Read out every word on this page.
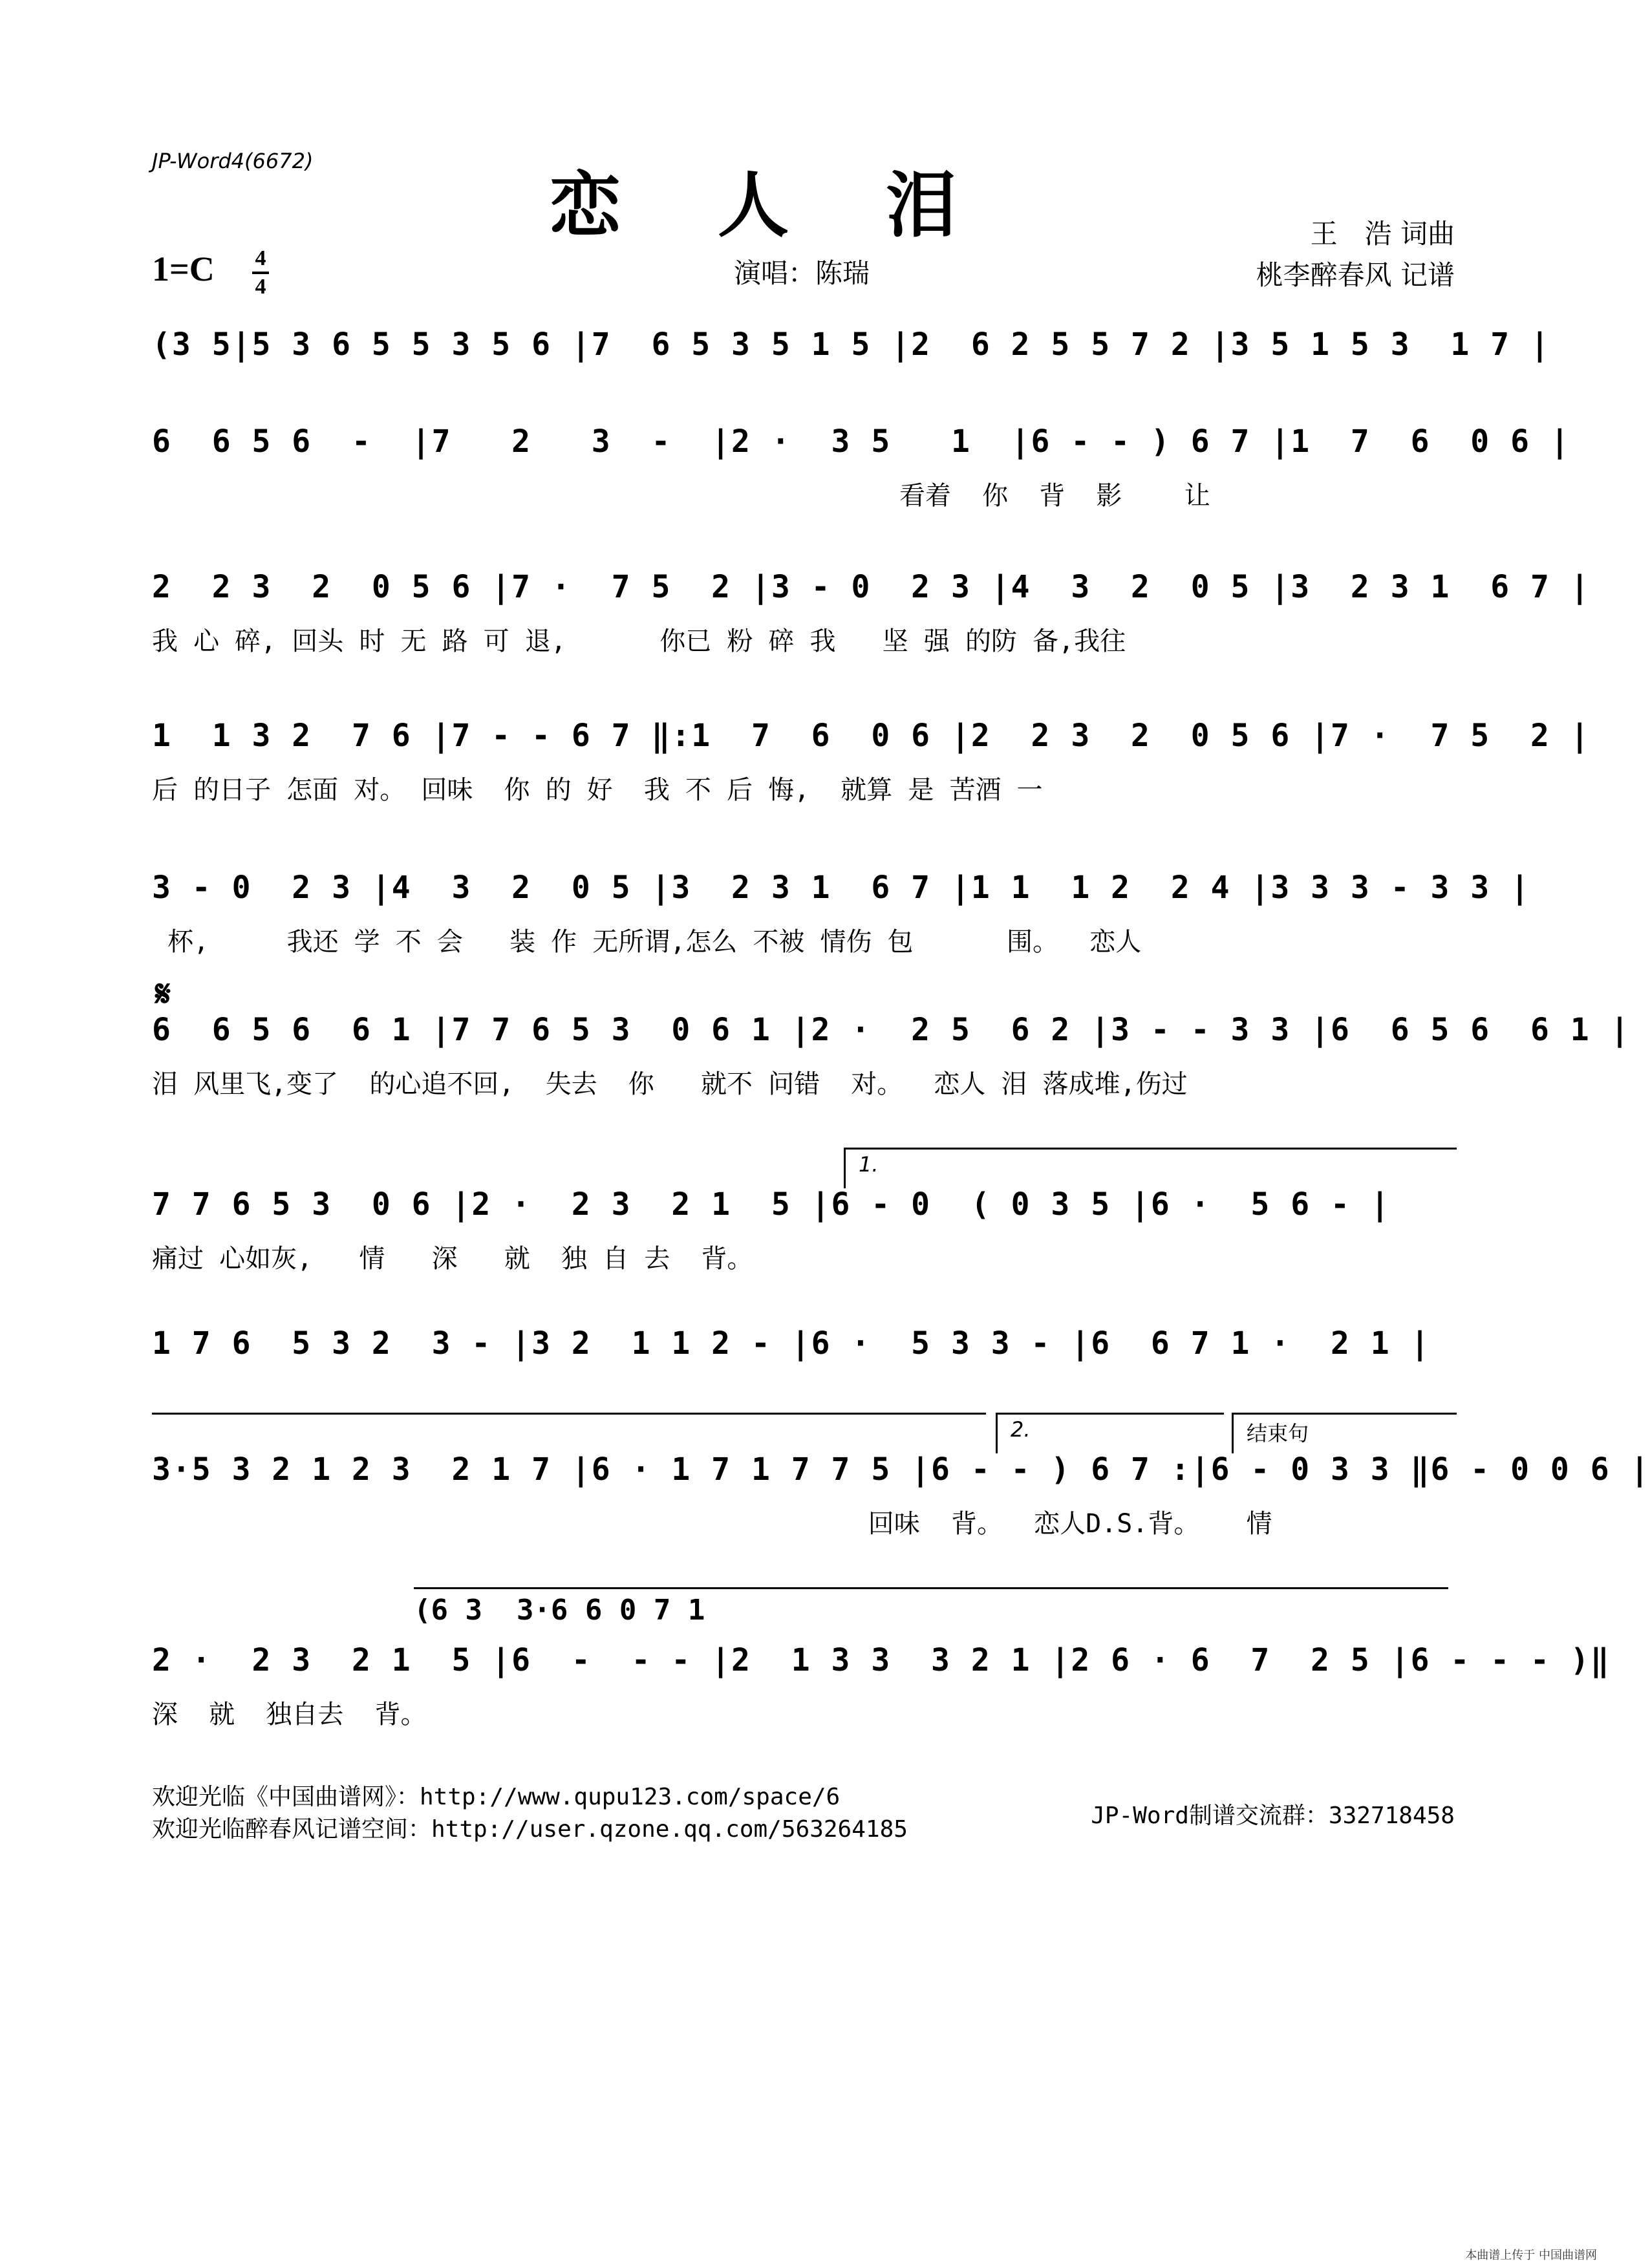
JP-Word4(6672)
恋人泪
1=C 4
4	演唱：陈瑞
王　浩 词曲
桃李醉春风 记谱
(3 5|5 3 6 5 5 3 5 6 |7  6 5 3 5 1 5 |2  6 2 5 5 7 2 |3 5 1 5 3  1 7 |
6  6 5 6  -  |7   2   3  -  |2 ·  3 5   1  |6 - - ) 6 7 |1  7  6  0 6 |
看着  你  背  影    让
2  2 3  2  0 5 6 |7 ·  7 5  2 |3 - 0  2 3 |4  3  2  0 5 |3  2 3 1  6 7 |
我 心 碎, 回头 时 无 路 可 退,      你已 粉 碎 我   坚 强 的防 备,我往
1  1 3 2  7 6 |7 - - 6 7 ‖:1  7  6  0 6 |2  2 3  2  0 5 6 |7 ·  7 5  2 |
后 的日子 怎面 对。 回味  你 的 好  我 不 后 悔,  就算 是 苦酒 一
3 - 0  2 3 |4  3  2  0 5 |3  2 3 1  6 7 |1 1  1 2  2 4 |3 3 3 - 3 3 |
杯,     我还 学 不 会   装 作 无所谓,怎么 不被 情伤 包      围。  恋人
𝄋
6  6 5 6  6 1 |7 7 6 5 3  0 6 1 |2 ·  2 5  6 2 |3 - - 3 3 |6  6 5 6  6 1 |
泪 风里飞,变了  的心追不回,  失去  你   就不 问错  对。  恋人 泪 落成堆,伤过
1.
7 7 6 5 3  0 6 |2 ·  2 3  2 1  5 |6 - 0  ( 0 3 5 |6 ·  5 6 - |
痛过 心如灰,   情   深   就  独 自 去  背。
1 7 6  5 3 2  3 - |3 2  1 1 2 - |6 ·  5 3 3 - |6  6 7 1 ·  2 1 |
2.	结束句
3·5 3 2 1 2 3  2 1 7 |6 · 1 7 1 7 7 5 |6 - - ) 6 7 :|6 - 0 3 3 ‖6 - 0 0 6 |
回味  背。  恋人D.S.背。   情
(6 3  3·6 6 0 7 1
2 ·  2 3  2 1  5 |6  -  - - |2  1 3 3  3 2 1 |2 6 · 6  7  2 5 |6 - - - )‖
深  就  独自去  背。
欢迎光临《中国曲谱网》：http://www.qupu123.com/space/6
欢迎光临醉春风记谱空间：http://user.qzone.qq.com/563264185
JP-Word制谱交流群：332718458
本曲谱上传于 中国曲谱网
